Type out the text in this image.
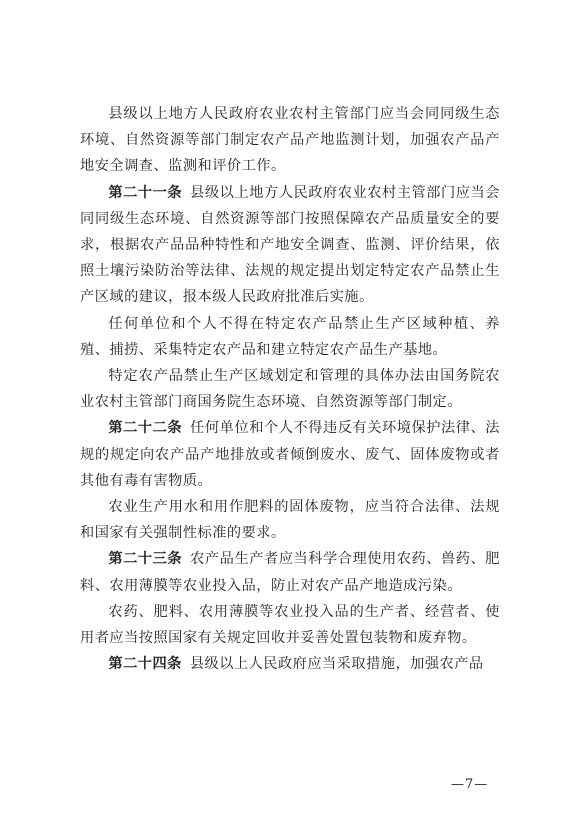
县级以上地方人民政府农业农村主管部门应当会同同级生态环境、自然资源等部门制定农产品产地监测计划，加强农产品产地安全调查、监测和评价工作。

第二十一条 县级以上地方人民政府农业农村主管部门应当会同同级生态环境、自然资源等部门按照保障农产品质量安全的要求，根据农产品品种特性和产地安全调查、监测、评价结果，依照土壤污染防治等法律、法规的规定提出划定特定农产品禁止生产区域的建议，报本级人民政府批准后实施。

任何单位和个人不得在特定农产品禁止生产区域种植、养殖、捕捞、采集特定农产品和建立特定农产品生产基地。

特定农产品禁止生产区域划定和管理的具体办法由国务院农业农村主管部门商国务院生态环境、自然资源等部门制定。

第二十二条 任何单位和个人不得违反有关环境保护法律、法规的规定向农产品产地排放或者倾倒废水、废气、固体废物或者其他有毒有害物质。

农业生产用水和用作肥料的固体废物，应当符合法律、法规和国家有关强制性标准的要求。

第二十三条 农产品生产者应当科学合理使用农药、兽药、肥料、农用薄膜等农业投入品，防止对农产品产地造成污染。

农药、肥料、农用薄膜等农业投入品的生产者、经营者、使用者应当按照国家有关规定回收并妥善处置包装物和废弃物。

第二十四条 县级以上人民政府应当采取措施，加强农产品

—7—
